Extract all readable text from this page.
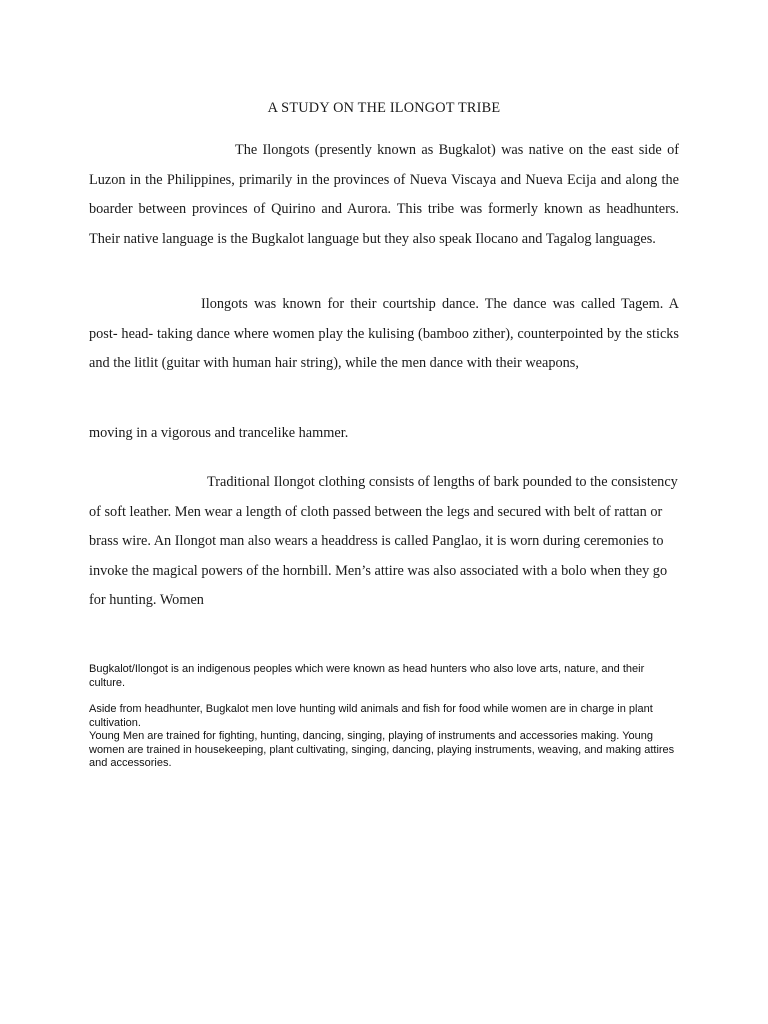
A STUDY ON THE ILONGOT TRIBE

The Ilongots (presently known as Bugkalot) was native on the east side of Luzon in the Philippines, primarily in the provinces of Nueva Viscaya and Nueva Ecija and along the boarder between provinces of Quirino and Aurora. This tribe was formerly known as headhunters. Their native language is the Bugkalot language but they also speak Ilocano and Tagalog languages.

Ilongots was known for their courtship dance. The dance was called Tagem. A post- head- taking dance where women play the kulising (bamboo zither), counterpointed by the sticks and the litlit (guitar with human hair string), while the men dance with their weapons,

moving in a vigorous and trancelike hammer.

Traditional Ilongot clothing consists of lengths of bark pounded to the consistency of soft leather. Men wear a length of cloth passed between the legs and secured with belt of rattan or brass wire. An Ilongot man also wears a headdress is called Panglao, it is worn during ceremonies to invoke the magical powers of the hornbill. Men’s attire was also associated with a bolo when they go for hunting. Women

Bugkalot/Ilongot is an indigenous peoples which were known as head hunters who also love arts, nature, and their culture.

Aside from headhunter, Bugkalot men love hunting wild animals and fish for food while women are in charge in plant cultivation.
Young Men are trained for fighting, hunting, dancing, singing, playing of instruments and accessories making. Young women are trained in housekeeping, plant cultivating, singing, dancing, playing instruments, weaving, and making attires and accessories.
